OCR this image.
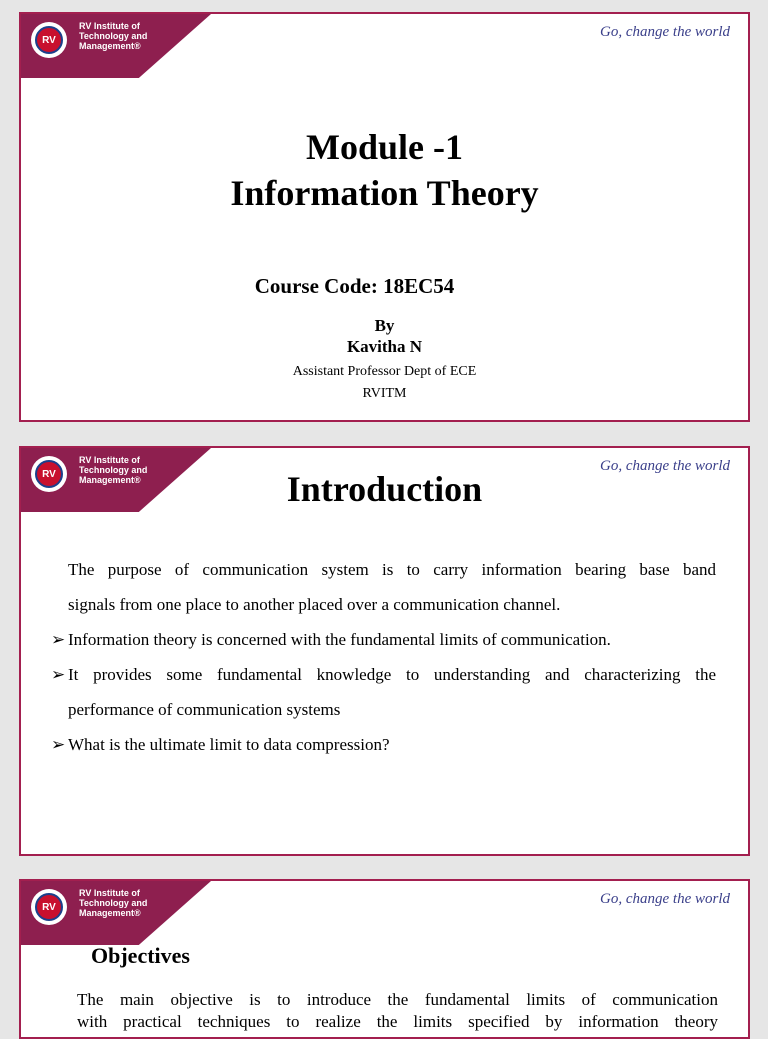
RV
RV Institute of
Technology and
Management®
Go, change the world
Module -1
Information Theory
Course Code: 18EC54
By
Kavitha N
Assistant Professor Dept of ECE
RVITM
RV
RV Institute of
Technology and
Management®
Go, change the world
Introduction
The purpose of communication system is to carry information bearing base band
signals from one place to another placed over a communication channel.
➢ Information theory is concerned with the fundamental limits of communication.
➢ It provides some fundamental knowledge to understanding and characterizing the
performance of communication systems
➢ What is the ultimate limit to data compression?
RV
RV Institute of
Technology and
Management®
Go, change the world
Objectives
The main objective is to introduce the fundamental limits of communication
with practical techniques to realize the limits specified by information theory
